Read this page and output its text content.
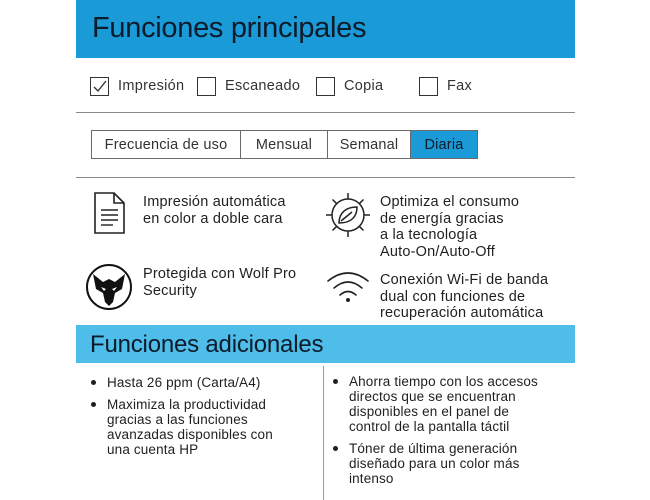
Funciones principales
Impresión	Escaneado	Copia	Fax
Frecuencia de uso	Mensual	Semanal	Diaria
Impresión automática
en color a doble cara
Optimiza el consumo
de energía gracias
a la tecnología
Auto-On/Auto-Off
Protegida con Wolf Pro
Security
Conexión Wi-Fi de banda
dual con funciones de
recuperación automática
Funciones adicionales
Hasta 26 ppm (Carta/A4)
Maximiza la productividad
gracias a las funciones
avanzadas disponibles con
una cuenta HP
Ahorra tiempo con los accesos
directos que se encuentran
disponibles en el panel de
control de la pantalla táctil
Tóner de última generación
diseñado para un color más
intenso
